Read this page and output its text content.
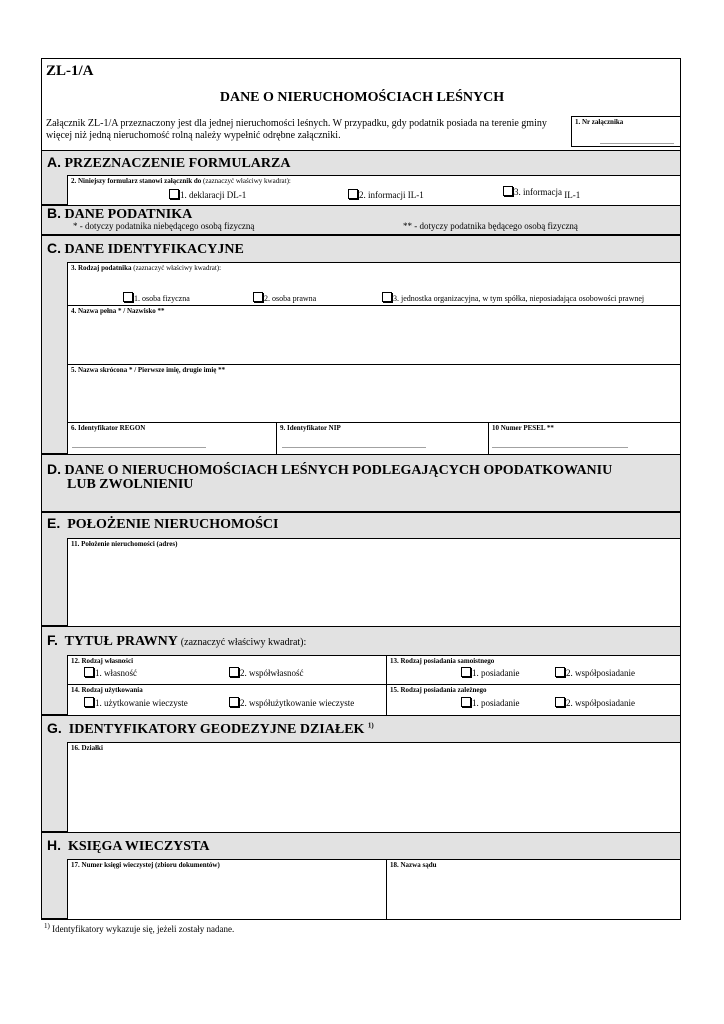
ZL-1/A
DANE O NIERUCHOMOŚCIACH LEŚNYCH
Załącznik ZL-1/A przeznaczony jest dla jednej nieruchomości leśnych. W przypadku, gdy podatnik posiada na terenie gminy więcej niż jedną nieruchomość rolną należy wypełnić odrębne załączniki.
1. Nr załącznika
.....................................
A. PRZEZNACZENIE FORMULARZA
2. Niniejszy formularz stanowi załącznik do (zaznaczyć właściwy kwadrat):
1. deklaracji DL-1	2. informacji IL-1	3. informacja IL-1
B. DANE PODATNIKA
* - dotyczy podatnika niebędącego osobą fizyczną	** - dotyczy podatnika będącego osobą fizyczną
C. DANE IDENTYFIKACYJNE
3. Rodzaj podatnika (zaznaczyć właściwy kwadrat):
1. osoba fizyczna	2. osoba prawna	3. jednostka organizacyjna, w tym spółka, nieposiadająca osobowości prawnej
4. Nazwa pełna * / Nazwisko **
5. Nazwa skrócona * / Pierwsze imię, drugie imię **
6. Identyfikator REGON	9. Identyfikator NIP	10 Numer PESEL **
...................................................................	........................................................................	....................................................................
D. DANE O NIERUCHOMOŚCIACH LEŚNYCH PODLEGAJĄCYCH OPODATKOWANIU
LUB ZWOLNIENIU
E. POŁOŻENIE NIERUCHOMOŚCI
11. Położenie nieruchomości (adres)
F. TYTUŁ PRAWNY (zaznaczyć właściwy kwadrat):
12. Rodzaj własności
1. własność	2. współwłasność
13. Rodzaj posiadania samoistnego
1. posiadanie	2. współposiadanie
14. Rodzaj użytkowania
1. użytkowanie wieczyste	2. współużytkowanie wieczyste
15. Rodzaj posiadania zależnego
1. posiadanie	2. współposiadanie
G. IDENTYFIKATORY GEODEZYJNE DZIAŁEK $^{1)}$
16. Działki
H. KSIĘGA WIECZYSTA
17. Numer księgi wieczystej (zbioru dokumentów)	18. Nazwa sądu
$^{1)}$ Identyfikatory wykazuje się, jeżeli zostały nadane.
